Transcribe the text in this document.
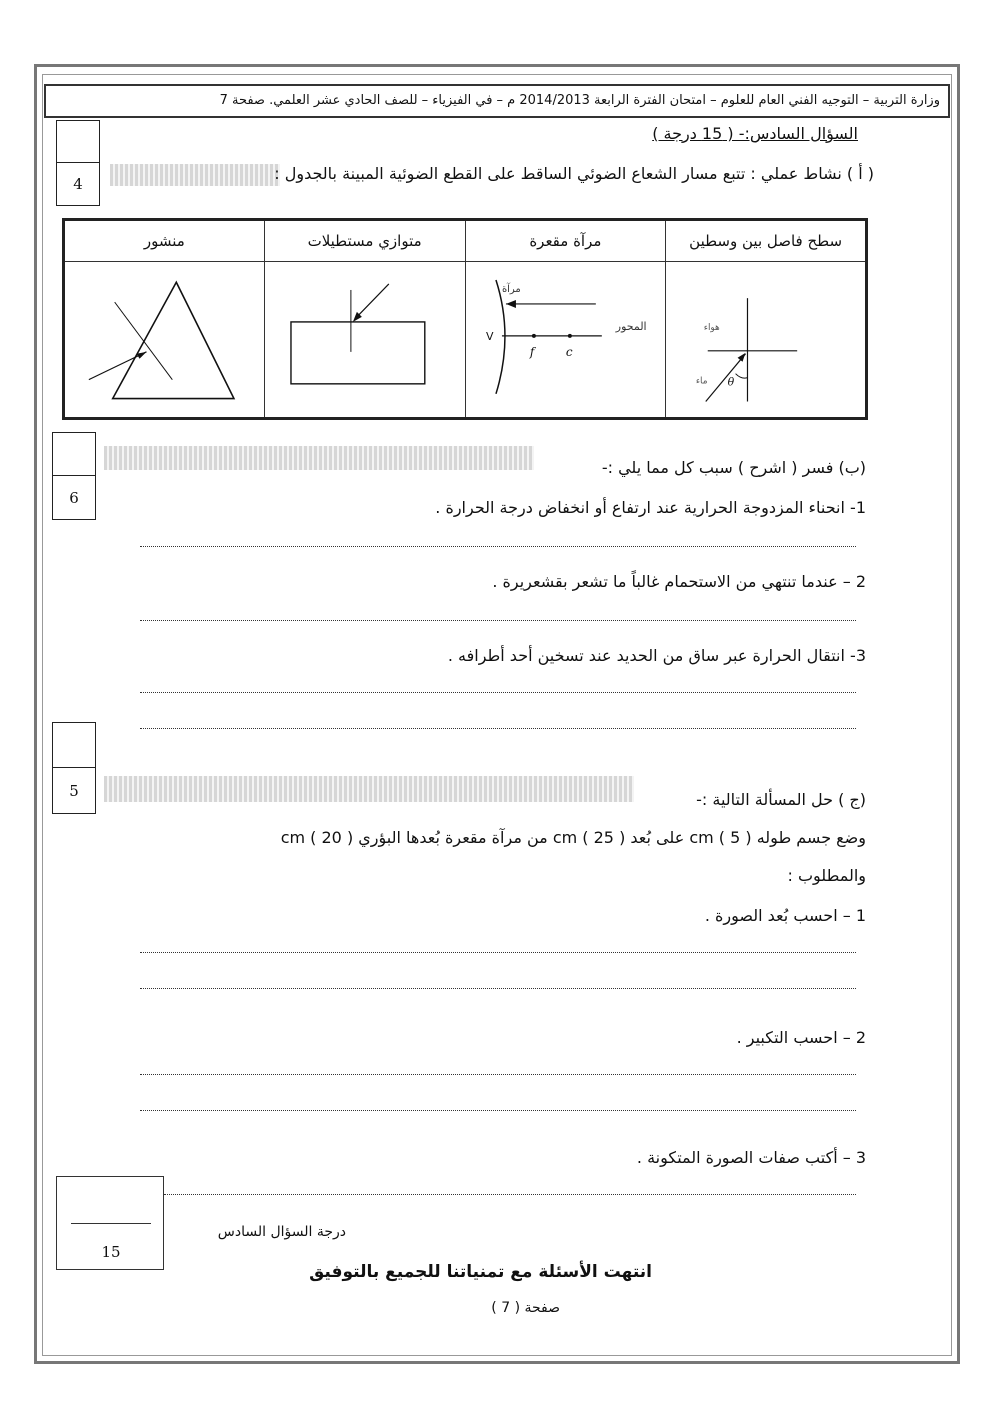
وزارة التربية – التوجيه الفني العام للعلوم – امتحان الفترة الرابعة 2014/2013 م – في الفيزياء – للصف الحادي عشر العلمي. صفحة 7
السؤال السادس:- ( 15 درجة )
4
( أ ) نشاط عملي : تتبع مسار الشعاع الضوئي الساقط على القطع الضوئية المبينة بالجدول :
منشور	متوازي مستطيلات	مرآة مقعرة	سطح فاصل بين وسطين

مرآة
المحور
V
f c	θ
هواء
ماء
6
(ب) فسر ( اشرح ) سبب كل مما يلي :-
1- انحناء المزدوجة الحرارية عند ارتفاع أو انخفاض درجة الحرارة .
2 – عندما تنتهي من الاستحمام غالباً ما تشعر بقشعريرة .
3- انتقال الحرارة عبر ساق من الحديد عند تسخين أحد أطرافه .
5	(ج ) حل المسألة التالية :-
وضع جسم طوله cm ( 5 ) على بُعد cm ( 25 ) من مرآة مقعرة بُعدها البؤري cm ( 20 )
والمطلوب :
1 – احسب بُعد الصورة .
2 – احسب التكبير .
3 – أكتب صفات الصورة المتكونة .
15
درجة السؤال السادس
انتهت الأسئلة مع تمنياتنا للجميع بالتوفيق
صفحة ( 7 )
